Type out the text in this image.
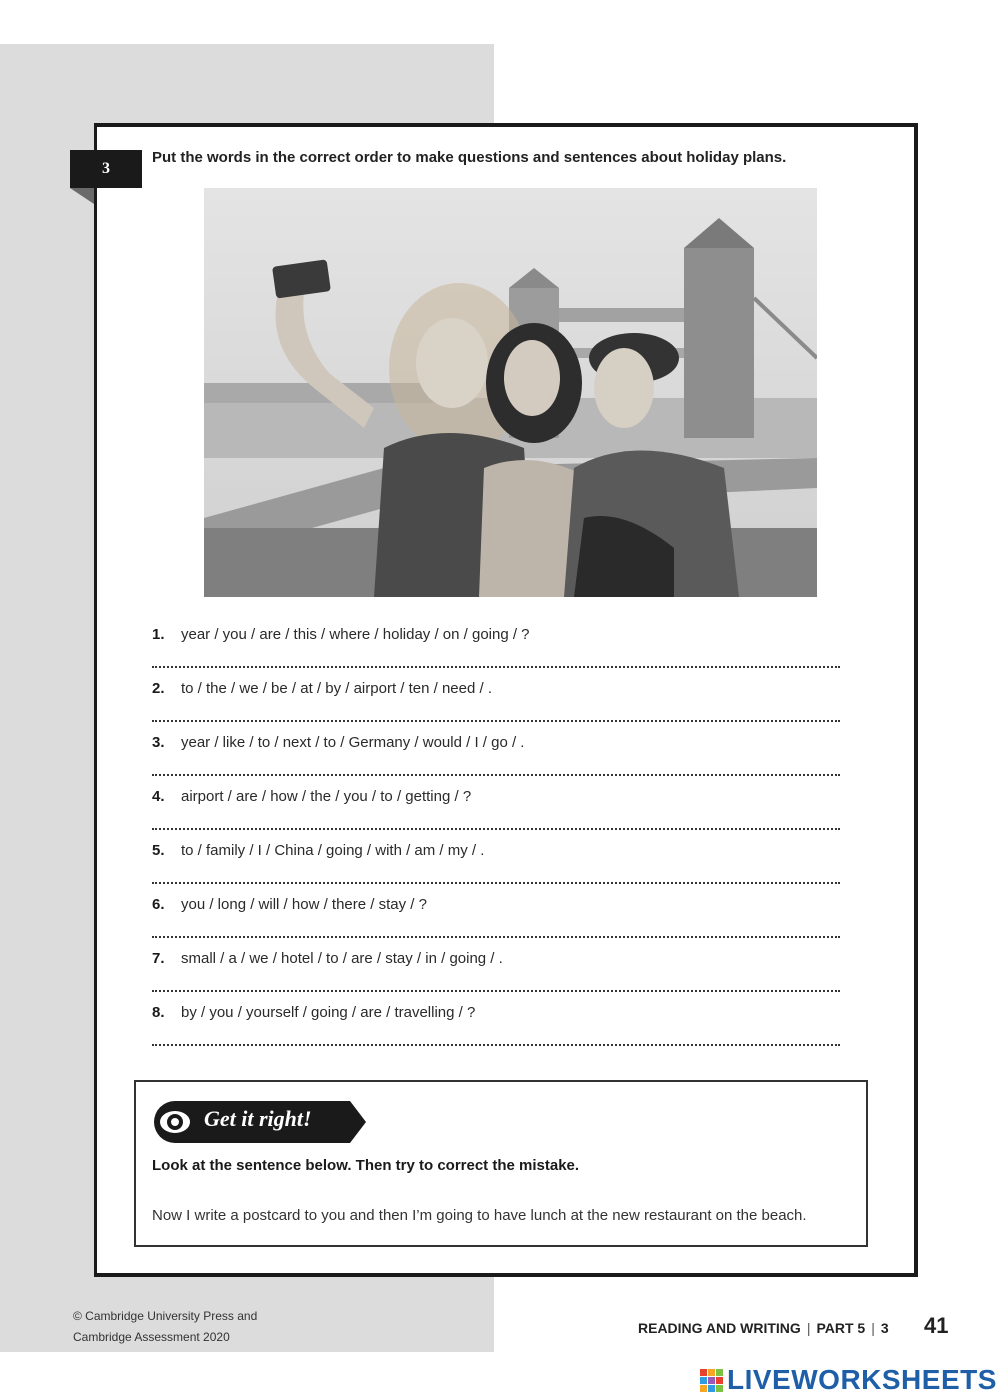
3
Put the words in the correct order to make questions and sentences about holiday plans.
1. year / you / are / this / where / holiday / on / going / ?
2. to / the / we / be / at / by / airport / ten / need / .
3. year / like / to / next / to / Germany / would / I / go / .
4. airport / are / how / the / you / to / getting / ?
5. to / family / I / China / going / with / am / my / .
6. you / long / will / how / there / stay / ?
7. small / a / we / hotel / to / are / stay / in / going / .
8. by / you / yourself / going / are / travelling / ?
Get it right!
Look at the sentence below. Then try to correct the mistake.
Now I write a postcard to you and then I’m going to have lunch at the new restaurant on the beach.
© Cambridge University Press and
Cambridge Assessment 2020
READING AND WRITING | PART 5 | 3 41
LIVEWORKSHEETS
